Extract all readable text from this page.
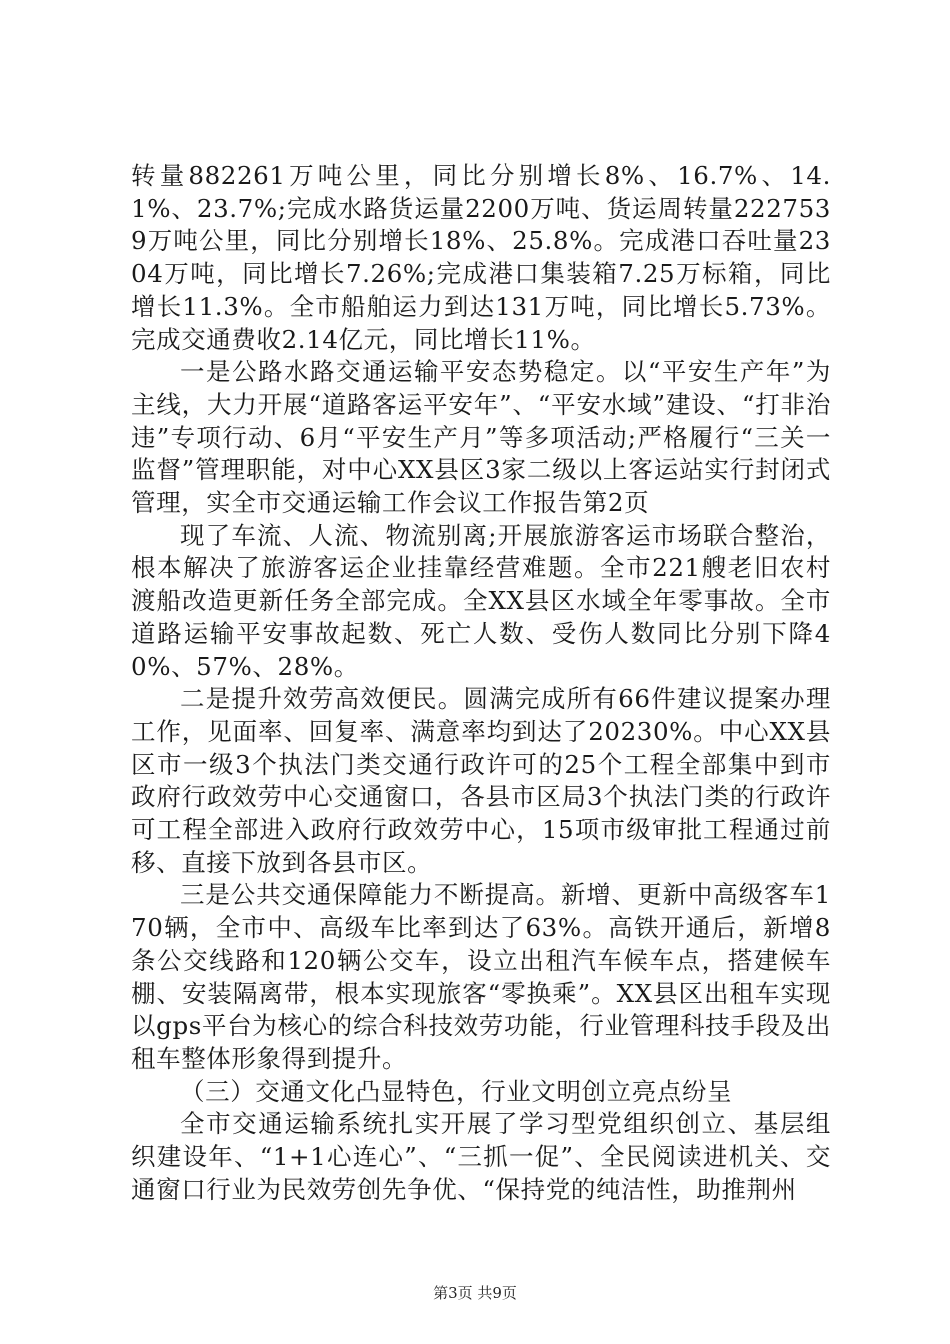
转量882261万吨公里，同比分别增长8%、16.7%、14.1%、23.7%;完成水路货运量2200万吨、货运周转量2227539万吨公里，同比分别增长18%、25.8%。完成港口吞吐量2304万吨，同比增长7.26%;完成港口集装箱7.25万标箱，同比增长11.3%。全市船舶运力到达131万吨，同比增长5.73%。完成交通费收2.14亿元，同比增长11%。

一是公路水路交通运输平安态势稳定。以“平安生产年”为主线，大力开展“道路客运平安年”、“平安水域”建设、“打非治违”专项行动、6月“平安生产月”等多项活动;严格履行“三关一监督”管理职能，对中心XX县区3家二级以上客运站实行封闭式管理，实全市交通运输工作会议工作报告第2页

现了车流、人流、物流别离;开展旅游客运市场联合整治，根本解决了旅游客运企业挂靠经营难题。全市221艘老旧农村渡船改造更新任务全部完成。全XX县区水域全年零事故。全市道路运输平安事故起数、死亡人数、受伤人数同比分别下降40%、57%、28%。

二是提升效劳高效便民。圆满完成所有66件建议提案办理工作，见面率、回复率、满意率均到达了20230%。中心XX县区市一级3个执法门类交通行政许可的25个工程全部集中到市政府行政效劳中心交通窗口，各县市区局3个执法门类的行政许可工程全部进入政府行政效劳中心，15项市级审批工程通过前移、直接下放到各县市区。

三是公共交通保障能力不断提高。新增、更新中高级客车170辆，全市中、高级车比率到达了63%。高铁开通后，新增8条公交线路和120辆公交车，设立出租汽车候车点，搭建候车棚、安装隔离带，根本实现旅客“零换乘”。XX县区出租车实现以gps平台为核心的综合科技效劳功能，行业管理科技手段及出租车整体形象得到提升。

（三）交通文化凸显特色，行业文明创立亮点纷呈

全市交通运输系统扎实开展了学习型党组织创立、基层组织建设年、“1+1心连心”、“三抓一促”、全民阅读进机关、交通窗口行业为民效劳创先争优、“保持党的纯洁性，助推荆州

第3页 共9页
